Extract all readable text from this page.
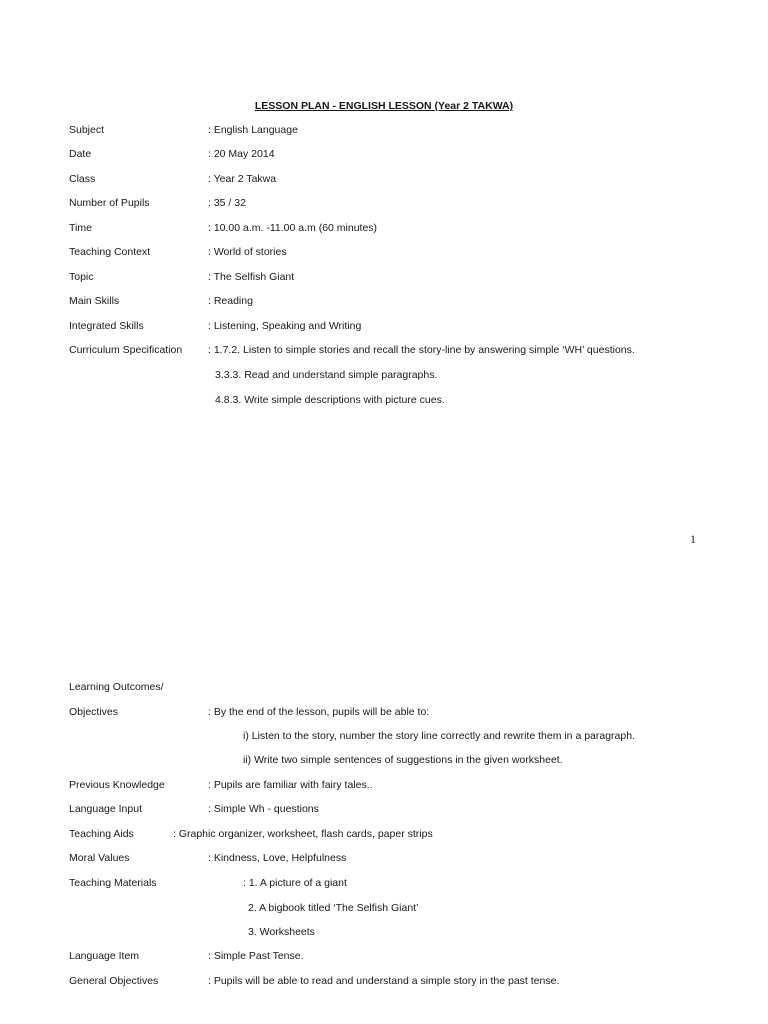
LESSON PLAN - ENGLISH LESSON (Year 2 TAKWA)
Subject	: English Language
Date	: 20 May 2014
Class	: Year 2 Takwa
Number of Pupils	: 35 / 32
Time	: 10.00 a.m. -11.00 a.m (60 minutes)
Teaching Context	: World of stories
Topic	: The Selfish Giant
Main Skills	: Reading
Integrated Skills	: Listening, Speaking and Writing
Curriculum Specification : 1.7.2. Listen to simple stories and recall the story-line by answering simple ‘WH’ questions.
3.3.3. Read and understand simple paragraphs.
4.8.3. Write simple descriptions with picture cues.
1
Learning Outcomes/
Objectives	: By the end of the lesson, pupils will be able to:
i) Listen to the story, number the story line correctly and rewrite them in a paragraph.
ii) Write two simple sentences of suggestions in the given worksheet.
Previous Knowledge	: Pupils are familiar with fairy tales..
Language Input	: Simple Wh - questions
Teaching Aids	: Graphic organizer, worksheet, flash cards, paper strips
Moral Values	: Kindness, Love, Helpfulness
Teaching Materials	: 1. A picture of a giant
2. A bigbook titled ‘The Selfish Giant’
3. Worksheets
Language Item	: Simple Past Tense.
General Objectives	: Pupils will be able to read and understand a simple story in the past tense.
